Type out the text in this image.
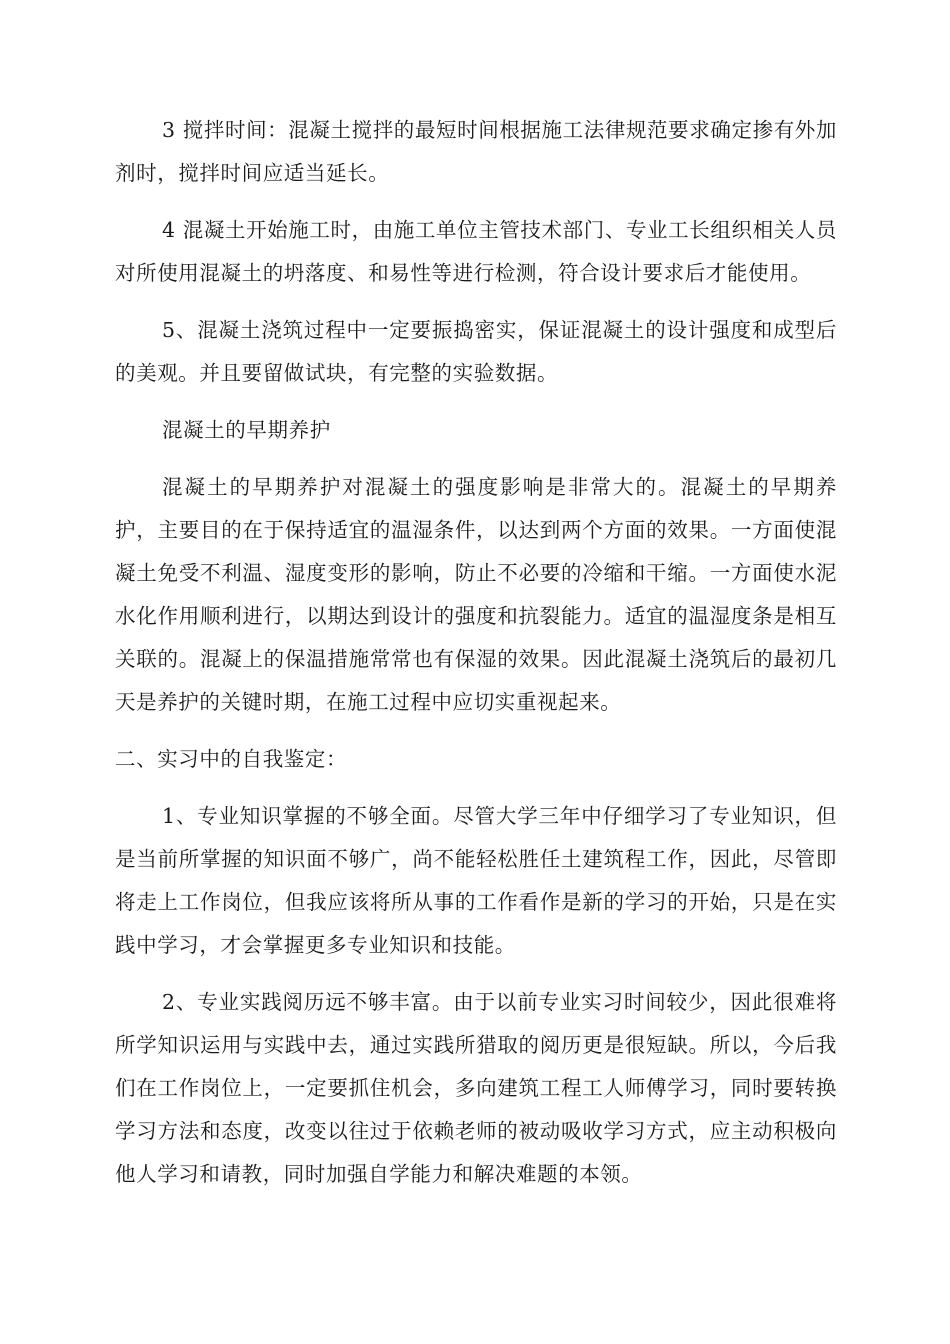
3 搅拌时间：混凝土搅拌的最短时间根据施工法律规范要求确定掺有外加剂时，搅拌时间应适当延长。

4 混凝土开始施工时，由施工单位主管技术部门、专业工长组织相关人员对所使用混凝土的坍落度、和易性等进行检测，符合设计要求后才能使用。

5、混凝土浇筑过程中一定要振捣密实，保证混凝土的设计强度和成型后的美观。并且要留做试块，有完整的实验数据。

混凝土的早期养护

混凝土的早期养护对混凝土的强度影响是非常大的。混凝土的早期养护，主要目的在于保持适宜的温湿条件，以达到两个方面的效果。一方面使混凝土免受不利温、湿度变形的影响，防止不必要的冷缩和干缩。一方面使水泥水化作用顺利进行，以期达到设计的强度和抗裂能力。适宜的温湿度条是相互关联的。混凝上的保温措施常常也有保湿的效果。因此混凝土浇筑后的最初几天是养护的关键时期，在施工过程中应切实重视起来。

二、实习中的自我鉴定：

1、专业知识掌握的不够全面。尽管大学三年中仔细学习了专业知识，但是当前所掌握的知识面不够广，尚不能轻松胜任土建筑程工作，因此，尽管即将走上工作岗位，但我应该将所从事的工作看作是新的学习的开始，只是在实践中学习，才会掌握更多专业知识和技能。

2、专业实践阅历远不够丰富。由于以前专业实习时间较少，因此很难将所学知识运用与实践中去，通过实践所猎取的阅历更是很短缺。所以，今后我们在工作岗位上，一定要抓住机会，多向建筑工程工人师傅学习，同时要转换学习方法和态度，改变以往过于依赖老师的被动吸收学习方式，应主动积极向他人学习和请教，同时加强自学能力和解决难题的本领。
